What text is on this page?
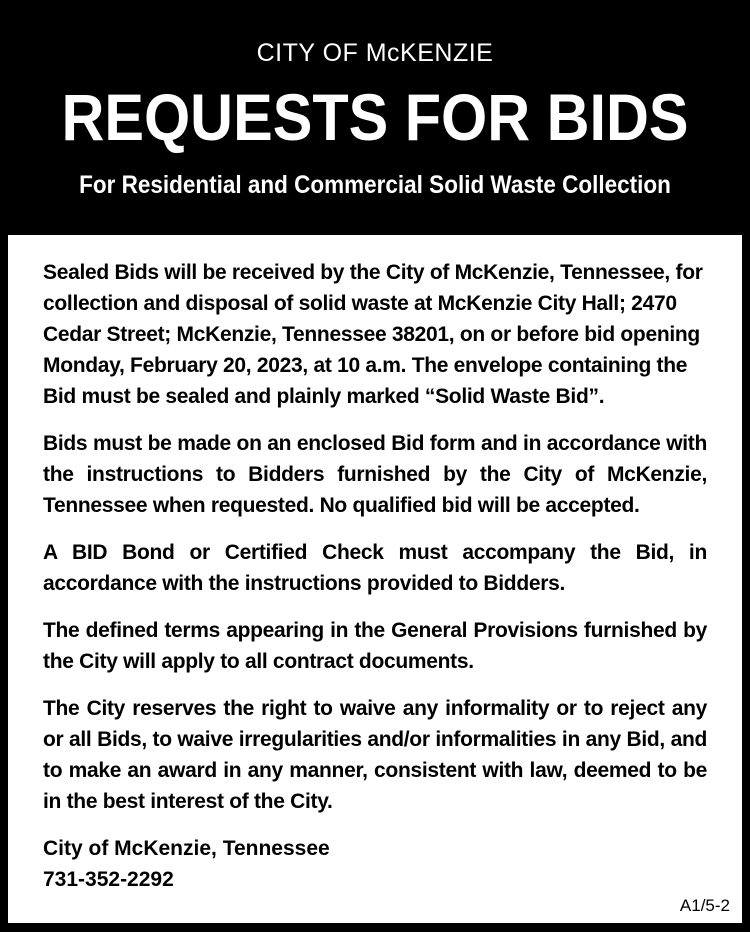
CITY OF McKENZIE
REQUESTS FOR BIDS
For Residential and Commercial Solid Waste Collection

Sealed Bids will be received by the City of McKenzie, Tennessee, for collection and disposal of solid waste at McKenzie City Hall; 2470 Cedar Street; McKenzie, Tennessee 38201, on or before bid opening Monday, February 20, 2023, at 10 a.m. The envelope containing the Bid must be sealed and plainly marked “Solid Waste Bid”.

Bids must be made on an enclosed Bid form and in accordance with the instructions to Bidders furnished by the City of McKenzie, Tennessee when requested. No qualified bid will be accepted.

A BID Bond or Certified Check must accompany the Bid, in accordance with the instructions provided to Bidders.

The defined terms appearing in the General Provisions furnished by the City will apply to all contract documents.

The City reserves the right to waive any informality or to reject any or all Bids, to waive irregularities and/or informalities in any Bid, and to make an award in any manner, consistent with law, deemed to be in the best interest of the City.

City of McKenzie, Tennessee
731-352-2292
A1/5-2
